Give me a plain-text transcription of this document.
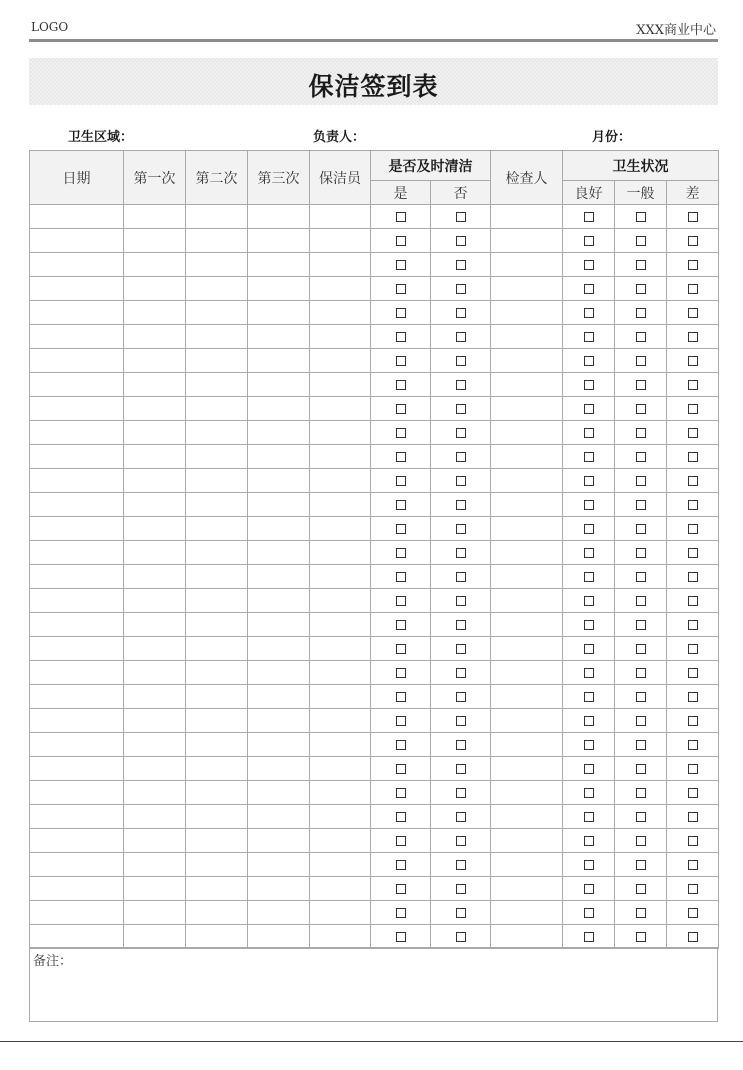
LOGO	XXX商业中心
保洁签到表
卫生区域：	负责人：	月份：
日期	第一次	第二次	第三次	保洁员	是否及时清洁		检查人	卫生状况		
					是	否		良好	一般	差

备注：
